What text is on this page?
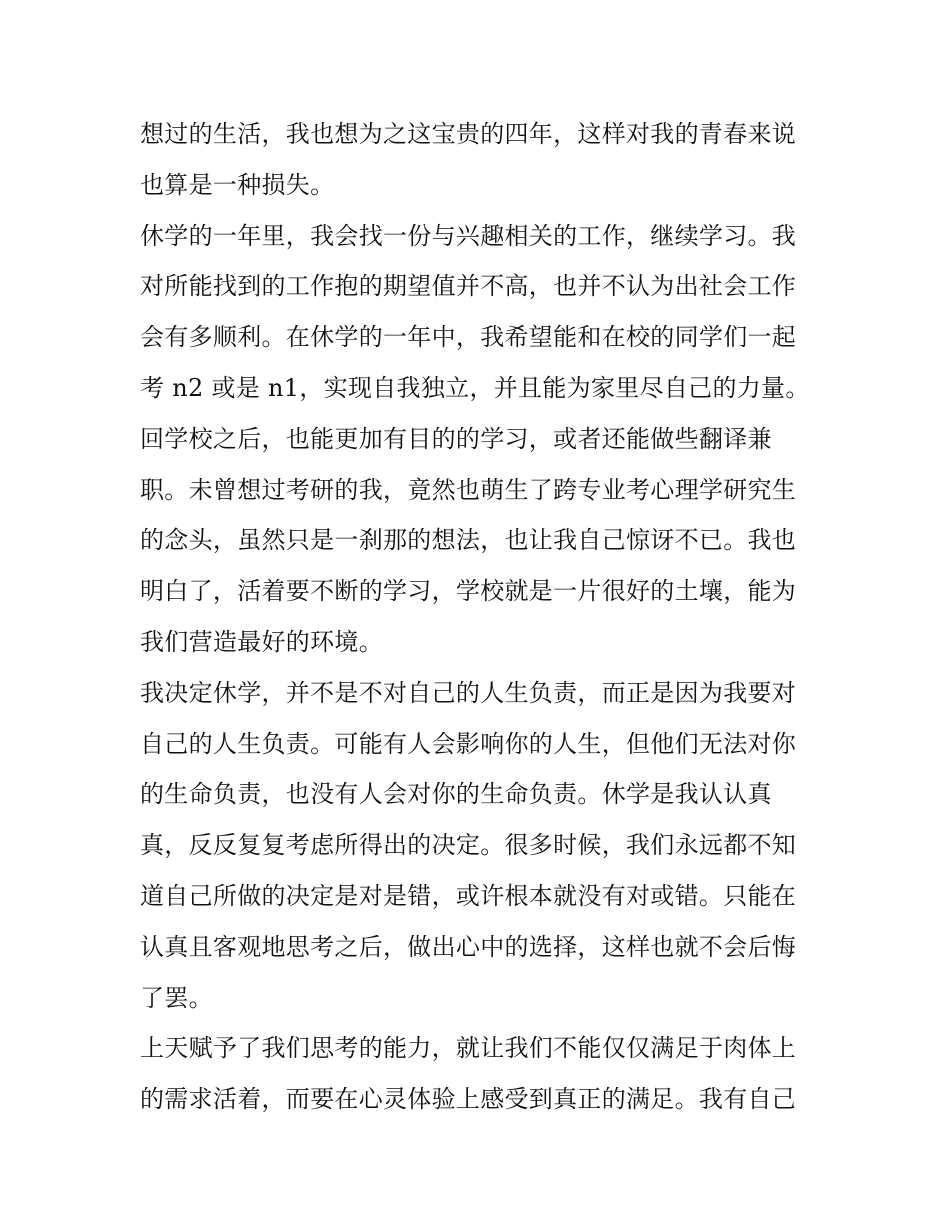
想过的生活，我也想为之这宝贵的四年，这样对我的青春来说
也算是一种损失。
休学的一年里，我会找一份与兴趣相关的工作，继续学习。我
对所能找到的工作抱的期望值并不高，也并不认为出社会工作
会有多顺利。在休学的一年中，我希望能和在校的同学们一起
考 n2 或是 n1，实现自我独立，并且能为家里尽自己的力量。
回学校之后，也能更加有目的的学习，或者还能做些翻译兼
职。未曾想过考研的我，竟然也萌生了跨专业考心理学研究生
的念头，虽然只是一刹那的想法，也让我自己惊讶不已。我也
明白了，活着要不断的学习，学校就是一片很好的土壤，能为
我们营造最好的环境。
我决定休学，并不是不对自己的人生负责，而正是因为我要对
自己的人生负责。可能有人会影响你的人生，但他们无法对你
的生命负责，也没有人会对你的生命负责。休学是我认认真
真，反反复复考虑所得出的决定。很多时候，我们永远都不知
道自己所做的决定是对是错，或许根本就没有对或错。只能在
认真且客观地思考之后，做出心中的选择，这样也就不会后悔
了罢。
上天赋予了我们思考的能力，就让我们不能仅仅满足于肉体上
的需求活着，而要在心灵体验上感受到真正的满足。我有自己
